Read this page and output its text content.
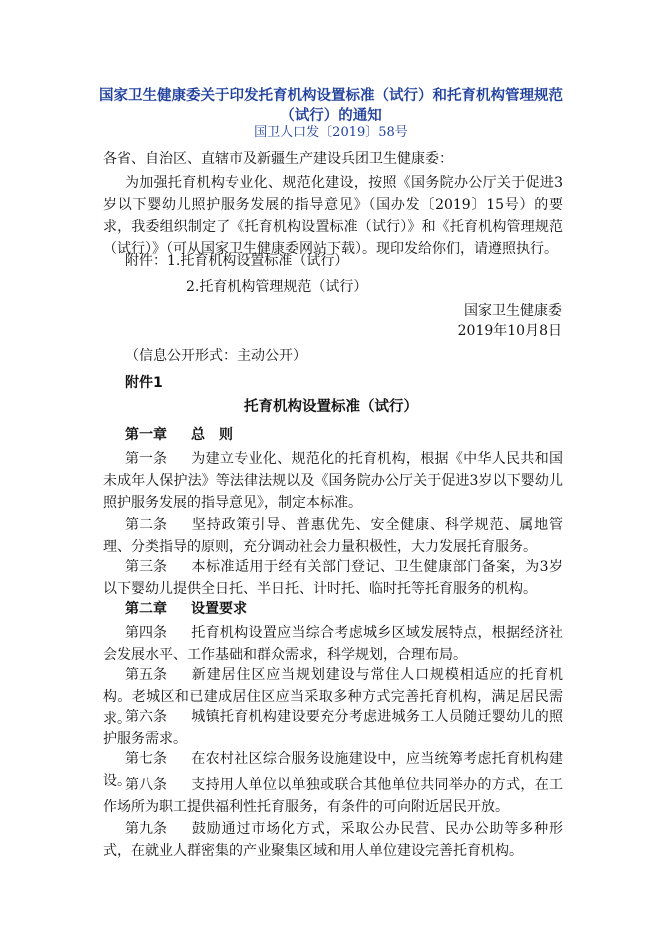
国家卫生健康委关于印发托育机构设置标准（试行）和托育机构管理规范（试行）的通知
国卫人口发〔2019〕58号
各省、自治区、直辖市及新疆生产建设兵团卫生健康委：
为加强托育机构专业化、规范化建设，按照《国务院办公厅关于促进3岁以下婴幼儿照护服务发展的指导意见》（国办发〔2019〕15号）的要求，我委组织制定了《托育机构设置标准（试行）》和《托育机构管理规范（试行）》（可从国家卫生健康委网站下载）。现印发给你们，请遵照执行。
附件：1.托育机构设置标准（试行）
2.托育机构管理规范（试行）
国家卫生健康委
2019年10月8日
（信息公开形式：主动公开）
附件1
托育机构设置标准（试行）
第一章 总　则
第一条 为建立专业化、规范化的托育机构，根据《中华人民共和国未成年人保护法》等法律法规以及《国务院办公厅关于促进3岁以下婴幼儿照护服务发展的指导意见》，制定本标准。
第二条 坚持政策引导、普惠优先、安全健康、科学规范、属地管理、分类指导的原则，充分调动社会力量积极性，大力发展托育服务。
第三条 本标准适用于经有关部门登记、卫生健康部门备案，为3岁以下婴幼儿提供全日托、半日托、计时托、临时托等托育服务的机构。
第二章 设置要求
第四条 托育机构设置应当综合考虑城乡区域发展特点，根据经济社会发展水平、工作基础和群众需求，科学规划，合理布局。
第五条 新建居住区应当规划建设与常住人口规模相适应的托育机构。老城区和已建成居住区应当采取多种方式完善托育机构，满足居民需求。
第六条 城镇托育机构建设要充分考虑进城务工人员随迁婴幼儿的照护服务需求。
第七条 在农村社区综合服务设施建设中，应当统筹考虑托育机构建设。
第八条 支持用人单位以单独或联合其他单位共同举办的方式，在工作场所为职工提供福利性托育服务，有条件的可向附近居民开放。
第九条 鼓励通过市场化方式，采取公办民营、民办公助等多种形式，在就业人群密集的产业聚集区域和用人单位建设完善托育机构。
